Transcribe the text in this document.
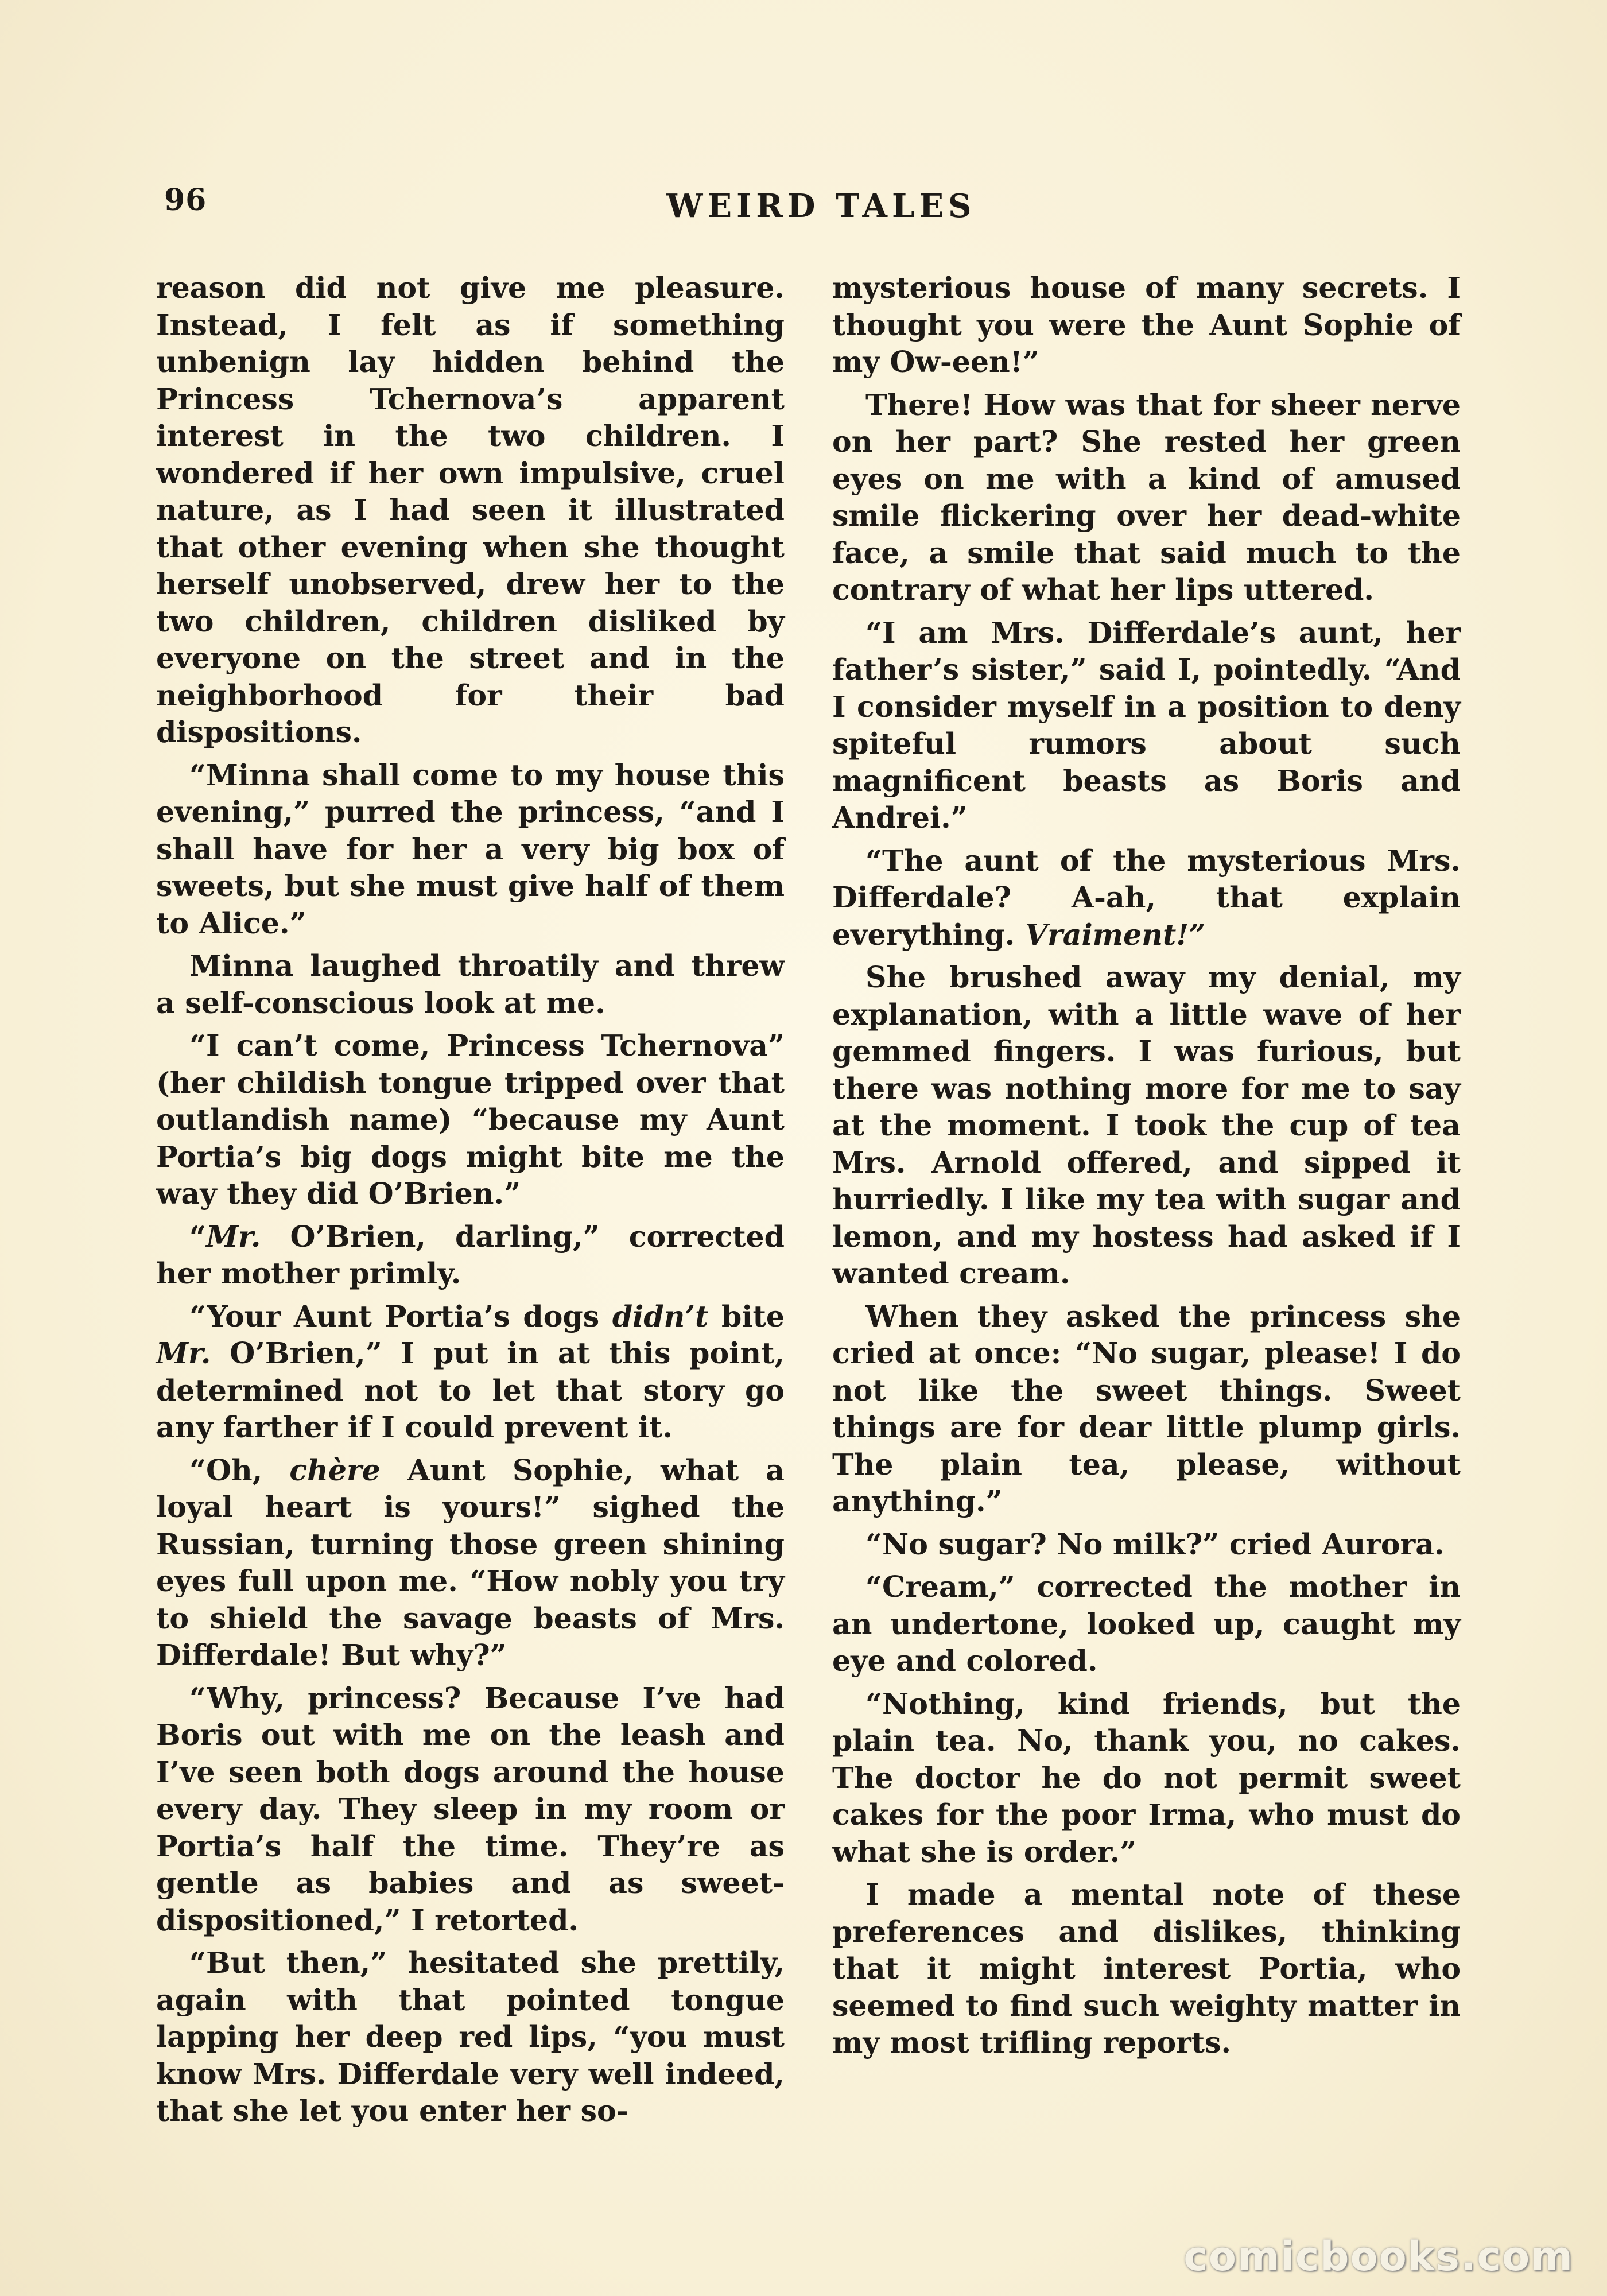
96	WEIRD TALES

reason did not give me pleasure. Instead, I felt as if something unbenign lay hidden behind the Princess Tchernova’s apparent interest in the two children. I wondered if her own impulsive, cruel nature, as I had seen it illustrated that other evening when she thought herself unobserved, drew her to the two children, children disliked by everyone on the street and in the neighborhood for their bad dispositions.

“Minna shall come to my house this evening,” purred the princess, “and I shall have for her a very big box of sweets, but she must give half of them to Alice.”

Minna laughed throatily and threw a self-conscious look at me.

“I can’t come, Princess Tchernova” (her childish tongue tripped over that outlandish name) “because my Aunt Portia’s big dogs might bite me the way they did O’Brien.”

“Mr. O’Brien, darling,” corrected her mother primly.

“Your Aunt Portia’s dogs didn’t bite Mr. O’Brien,” I put in at this point, determined not to let that story go any farther if I could prevent it.

“Oh, chère Aunt Sophie, what a loyal heart is yours!” sighed the Russian, turning those green shining eyes full upon me. “How nobly you try to shield the savage beasts of Mrs. Differdale! But why?”

“Why, princess? Because I’ve had Boris out with me on the leash and I’ve seen both dogs around the house every day. They sleep in my room or Portia’s half the time. They’re as gentle as babies and as sweet-dispositioned,” I retorted.

“But then,” hesitated she prettily, again with that pointed tongue lapping her deep red lips, “you must know Mrs. Differdale very well indeed, that she let you enter her so-

mysterious house of many secrets. I thought you were the Aunt Sophie of my Ow-een!”

There! How was that for sheer nerve on her part? She rested her green eyes on me with a kind of amused smile flickering over her dead-white face, a smile that said much to the contrary of what her lips uttered.

“I am Mrs. Differdale’s aunt, her father’s sister,” said I, pointedly. “And I consider myself in a position to deny spiteful rumors about such magnificent beasts as Boris and Andrei.”

“The aunt of the mysterious Mrs. Differdale? A-ah, that explain everything. Vraiment!”

She brushed away my denial, my explanation, with a little wave of her gemmed fingers. I was furious, but there was nothing more for me to say at the moment. I took the cup of tea Mrs. Arnold offered, and sipped it hurriedly. I like my tea with sugar and lemon, and my hostess had asked if I wanted cream.

When they asked the princess she cried at once: “No sugar, please! I do not like the sweet things. Sweet things are for dear little plump girls. The plain tea, please, without anything.”

“No sugar? No milk?” cried Aurora.

“Cream,” corrected the mother in an undertone, looked up, caught my eye and colored.

“Nothing, kind friends, but the plain tea. No, thank you, no cakes. The doctor he do not permit sweet cakes for the poor Irma, who must do what she is order.”

I made a mental note of these preferences and dislikes, thinking that it might interest Portia, who seemed to find such weighty matter in my most trifling reports.

comicbooks.com
